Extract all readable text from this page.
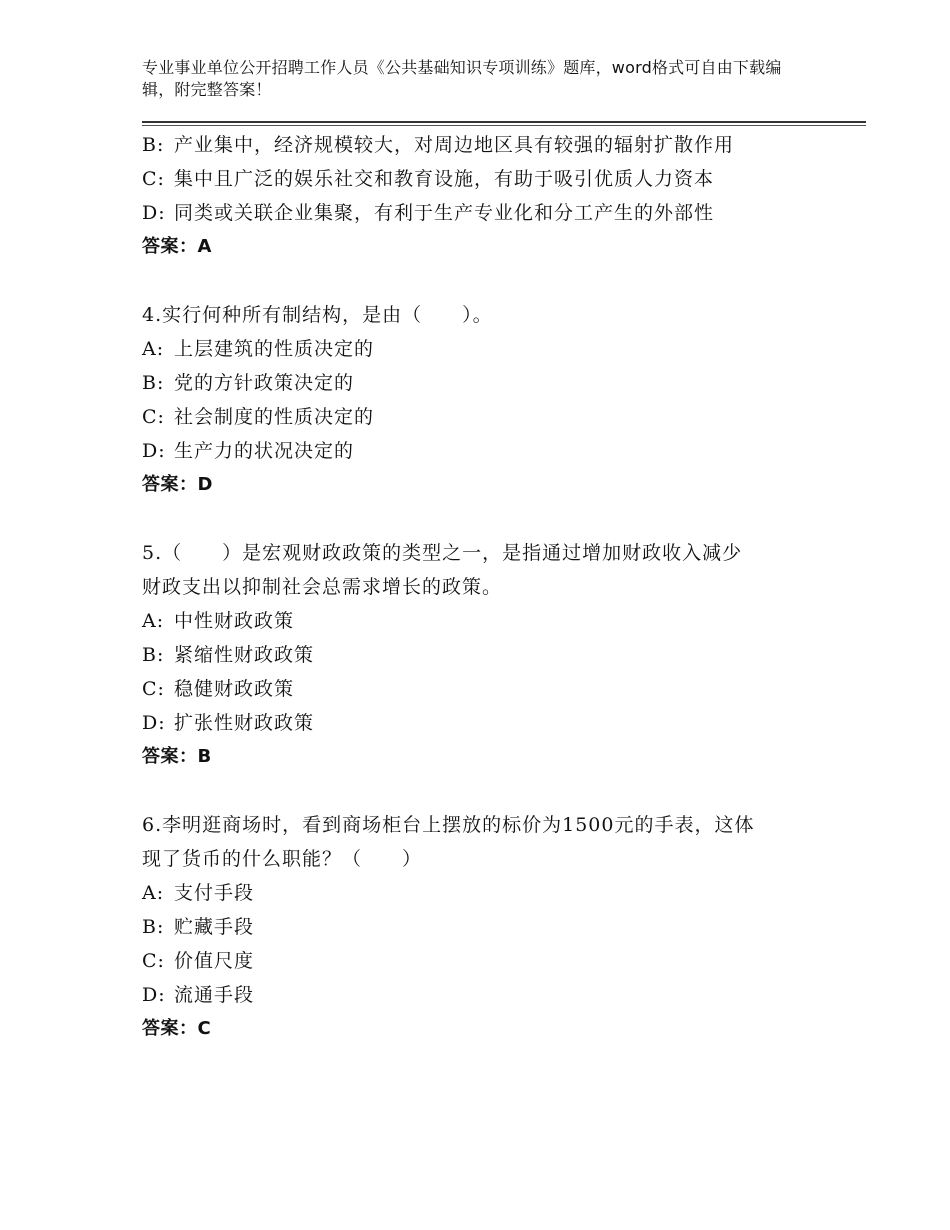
专业事业单位公开招聘工作人员《公共基础知识专项训练》题库，word格式可自由下载编辑，附完整答案！
B: 产业集中，经济规模较大，对周边地区具有较强的辐射扩散作用
C: 集中且广泛的娱乐社交和教育设施，有助于吸引优质人力资本
D: 同类或关联企业集聚，有利于生产专业化和分工产生的外部性
答案：A
4.实行何种所有制结构，是由（　　）。
A: 上层建筑的性质决定的
B: 党的方针政策决定的
C: 社会制度的性质决定的
D: 生产力的状况决定的
答案：D
5.（　　）是宏观财政政策的类型之一，是指通过增加财政收入减少
财政支出以抑制社会总需求增长的政策。
A: 中性财政政策
B: 紧缩性财政政策
C: 稳健财政政策
D: 扩张性财政政策
答案：B
6.李明逛商场时，看到商场柜台上摆放的标价为1500元的手表，这体
现了货币的什么职能？（　　）
A: 支付手段
B: 贮藏手段
C: 价值尺度
D: 流通手段
答案：C
